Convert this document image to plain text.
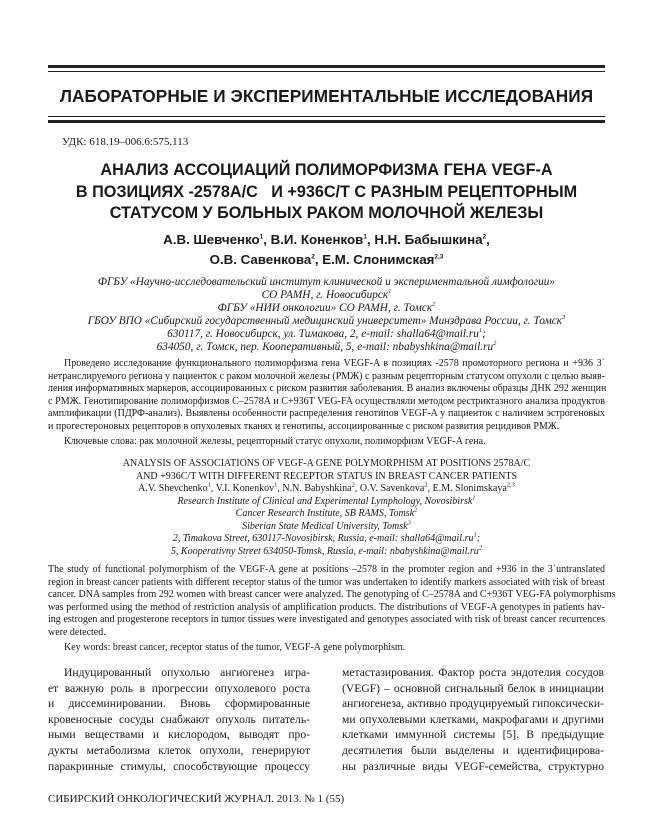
ЛАБОРАТОРНЫЕ И ЭКСПЕРИМЕНТАЛЬНЫЕ ИССЛЕДОВАНИЯ
УДК: 618.19–006.6:575.113
АНАЛИЗ АССОЦИАЦИЙ ПОЛИМОРФИЗМА ГЕНА VEGF-A
В ПОЗИЦИЯХ -2578A/C   И +936C/T С РАЗНЫМ РЕЦЕПТОРНЫМ
СТАТУСОМ У БОЛЬНЫХ РАКОМ МОЛОЧНОЙ ЖЕЛЕЗЫ
А.В. Шевченко$^1$, В.И. Коненков$^1$, Н.Н. Бабышкина$^2$,
О.В. Савенкова$^2$, Е.М. Слонимская$^{2,3}$
ФГБУ «Научно-исследовательский институт клинической и экспериментальной лимфологии»
СО РАМН, г. Новосибирск$^1$
ФГБУ «НИИ онкологии» СО РАМН, г. Томск$^2$
ГБОУ ВПО «Сибирский государственный медицинский университет» Минздрава России, г. Томск$^3$
630117, г. Новосибирск, ул. Тимакова, 2, e-mail: $shalla64@mail.ru^1$;
634050, г. Томск, пер. Кооперативный, 5, e-mail: $nbabyshkina@mail.ru^2$
Проведено исследование функционального полиморфизма гена VEGF-A в позициях -2578 промоторного региона и +936 3`
нетранслируемого региона у пациенток с раком молочной железы (РМЖ) с разным рецепторным статусом опухоли с целью выяв-
ления информативных маркеров, ассоциированных с риском развития заболевания. В анализ включены образцы ДНК 292 женщин
с РМЖ. Генотипирование полиморфизмов C–2578A и C+936T VEG-FA осуществляли методом рестриктазного анализа продуктов
амплификации (ПДРФ-анализ). Выявлены особенности распределения генотипов VEGF-A у пациенток с наличием эстрогеновых
и прогестероновых рецепторов в опухолевых тканях и генотипы, ассоциированные с риском развития рецидивов РМЖ.
Ключевые слова: рак молочной железы, рецепторный статус опухоли, полиморфизм VEGF-A гена.
ANALYSIS OF ASSOCIATIONS OF VEGF-A GENE POLYMORPHISM AT POSITIONS 2578A/C
AND +936C/T WITH DIFFERENT RECEPTOR STATUS IN BREAST CANCER PATIENTS
A.V. Shevchenko$^1$, V.I. Konenkov$^1$, N.N. Babyshkina$^2$, O.V. Savenkova$^2$, E.M. Slonimskaya$^{2,3}$
Research Institute of Clinical and Experimental Lymphology, Novosibirsk$^1$
Cancer Research Institute, SB RAMS, Tomsk$^2$
Siberian State Medical University, Tomsk$^3$
2, Timakova Street, 630117-Novosibirsk, Russia, e-mail: $shalla64@mail.ru^1$;
5, Kooperativny Street 634050-Tomsk, Russia, e-mail: $nbabyshkina@mail.ru^2$
The study of functional polymorphism of the VEGF-A gene at positions –2578 in the promoter region and +936 in the 3`untranslated
region in breast cancer patients with different receptor status of the tumor was undertaken to identify markers associated with risk of breast
cancer. DNA samples from 292 women with breast cancer were analyzed. The genotyping of C–2578A and C+936T VEG-FA polymorphisms
was performed using the method of restriction analysis of amplification products. The distributions of VEGF-A genotypes in patients hav-
ing estrogen and progesterone receptors in tumor tissues were investigated and genotypes associated with risk of breast cancer recurrences
were detected.
Key words: breast cancer, receptor status of the tumor, VEGF-A gene polymorphism.
Индуцированный опухолью ангиогенез игра-
ет важную роль в прогрессии опухолевого роста
и диссеминировании. Вновь сформированные
кровеносные сосуды снабжают опухоль питатель-
ными веществами и кислородом, выводят про-
дукты метаболизма клеток опухоли, генерируют
паракринные стимулы, способствующие процессу
метастазирования. Фактор роста эндотелия сосудов
(VEGF) – основной сигнальный белок в инициации
ангиогенеза, активно продуцируемый гипоксически-
ми опухолевыми клетками, макрофагами и другими
клетками иммунной системы [5]. В предыдущие
десятилетия были выделены и идентифицирова-
ны различные виды VEGF-семейства, структурно
СИБИРСКИЙ ОНКОЛОГИЧЕСКИЙ ЖУРНАЛ. 2013. № 1 (55)
